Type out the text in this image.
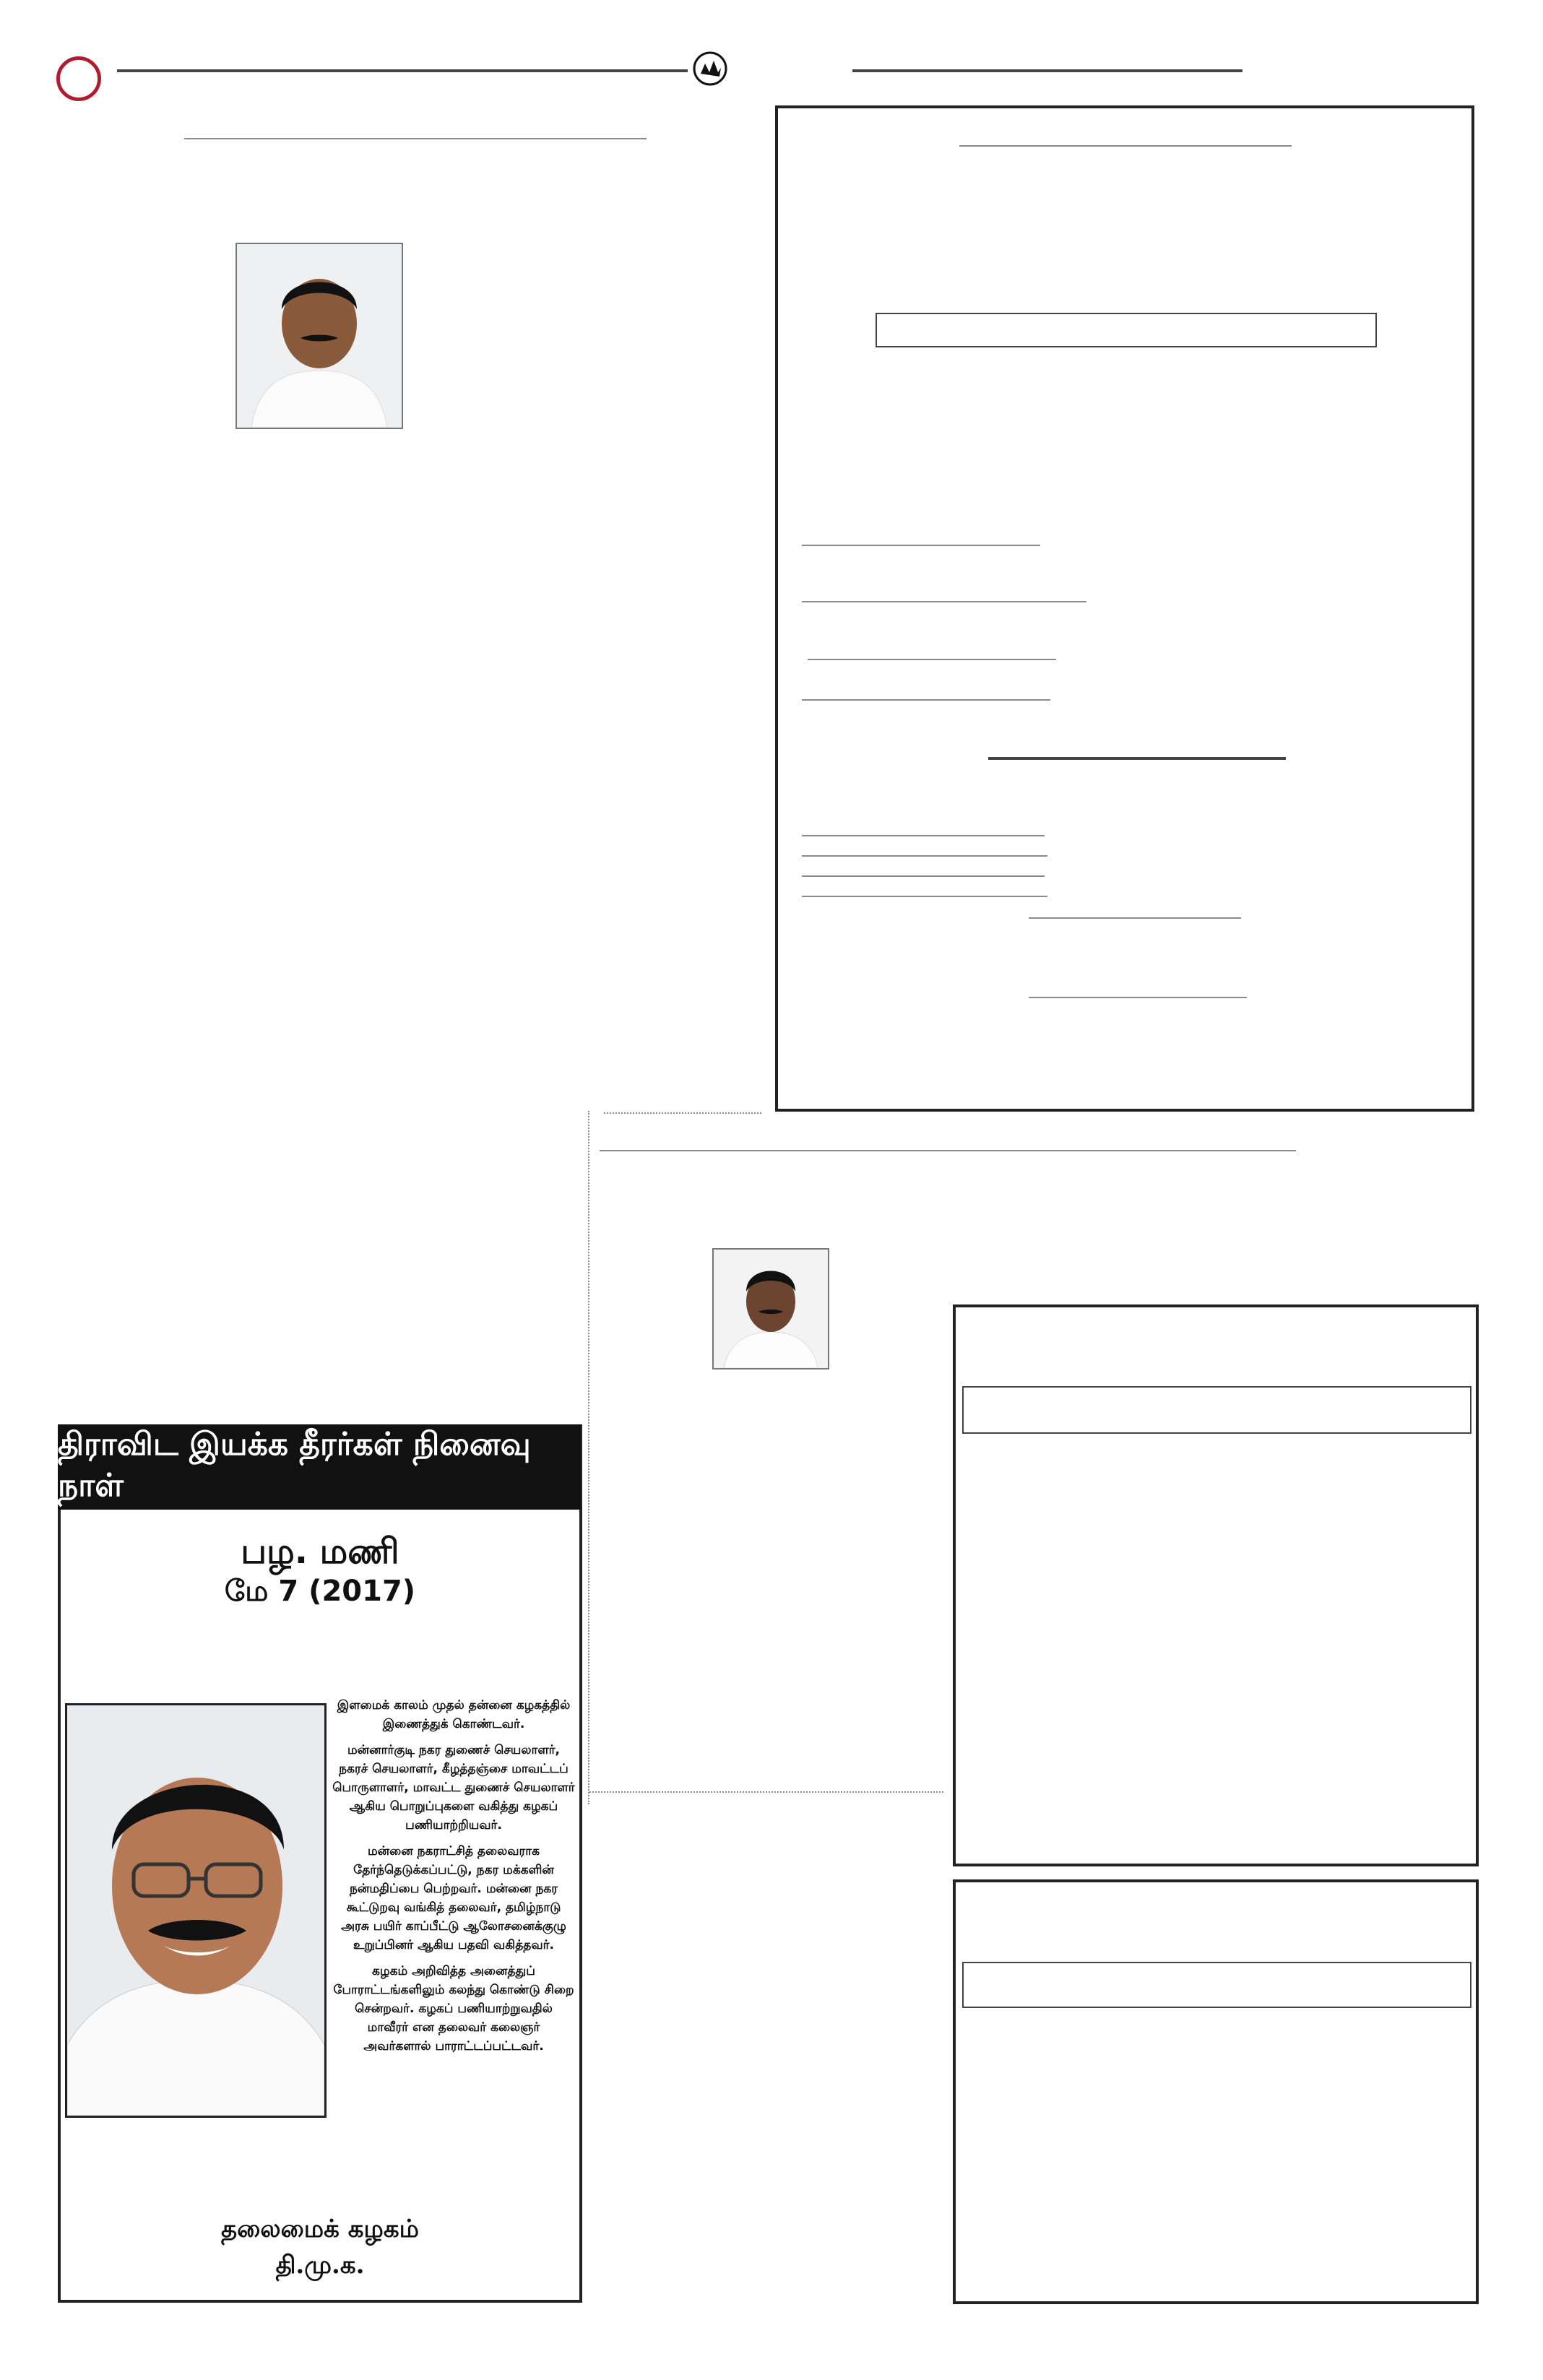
திராவிட இயக்க தீரர்கள் நினைவு நாள்
பழ. மணி
மே 7 (2017)

இளமைக் காலம் முதல் தன்னை கழகத்தில் இணைத்துக் கொண்டவர்.

மன்னார்குடி நகர துணைச் செயலாளர், நகரச் செயலாளர், கீழத்தஞ்சை மாவட்டப் பொருளாளர், மாவட்ட துணைச் செயலாளர் ஆகிய பொறுப்புகளை வகித்து கழகப் பணியாற்றியவர்.

மன்னை நகராட்சித் தலைவராக தேர்ந்தெடுக்கப்பட்டு, நகர மக்களின் நன்மதிப்பை பெற்றவர். மன்னை நகர கூட்டுறவு வங்கித் தலைவர், தமிழ்நாடு அரசு பயிர் காப்பீட்டு ஆலோசனைக்குழு உறுப்பினர் ஆகிய பதவி வகித்தவர்.

கழகம் அறிவித்த அனைத்துப் போராட்டங்களிலும் கலந்து கொண்டு சிறை சென்றவர். கழகப் பணியாற்றுவதில் மாவீரர் என தலைவர் கலைஞர் அவர்களால் பாராட்டப்பட்டவர்.

தலைமைக் கழகம்
தி.மு.க.
